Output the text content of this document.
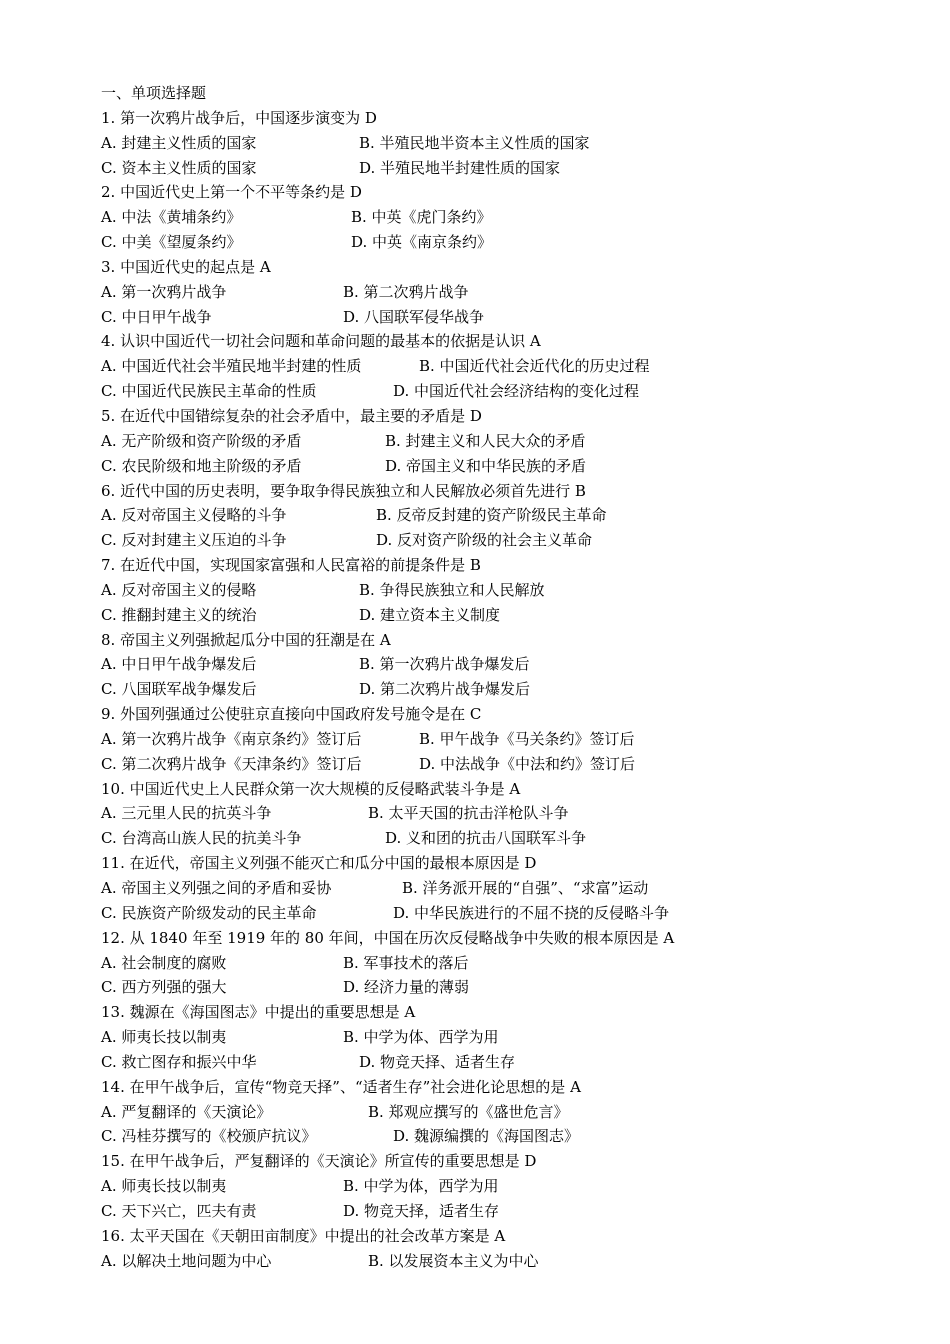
一、单项选择题
1. 第一次鸦片战争后，中国逐步演变为 D
A. 封建主义性质的国家	B. 半殖民地半资本主义性质的国家
C. 资本主义性质的国家	D. 半殖民地半封建性质的国家
2. 中国近代史上第一个不平等条约是 D
A. 中法《黄埔条约》	B. 中英《虎门条约》
C. 中美《望厦条约》	D. 中英《南京条约》
3. 中国近代史的起点是 A
A. 第一次鸦片战争	B. 第二次鸦片战争
C. 中日甲午战争	D. 八国联军侵华战争
4. 认识中国近代一切社会问题和革命问题的最基本的依据是认识 A
A. 中国近代社会半殖民地半封建的性质	B. 中国近代社会近代化的历史过程
C. 中国近代民族民主革命的性质	D. 中国近代社会经济结构的变化过程
5. 在近代中国错综复杂的社会矛盾中，最主要的矛盾是 D
A. 无产阶级和资产阶级的矛盾	B. 封建主义和人民大众的矛盾
C. 农民阶级和地主阶级的矛盾	D. 帝国主义和中华民族的矛盾
6. 近代中国的历史表明，要争取争得民族独立和人民解放必须首先进行 B
A. 反对帝国主义侵略的斗争	B. 反帝反封建的资产阶级民主革命
C. 反对封建主义压迫的斗争	D. 反对资产阶级的社会主义革命
7. 在近代中国，实现国家富强和人民富裕的前提条件是 B
A. 反对帝国主义的侵略	B. 争得民族独立和人民解放
C. 推翻封建主义的统治	D. 建立资本主义制度
8. 帝国主义列强掀起瓜分中国的狂潮是在 A
A. 中日甲午战争爆发后	B. 第一次鸦片战争爆发后
C. 八国联军战争爆发后	D. 第二次鸦片战争爆发后
9. 外国列强通过公使驻京直接向中国政府发号施令是在 C
A. 第一次鸦片战争《南京条约》签订后	B. 甲午战争《马关条约》签订后
C. 第二次鸦片战争《天津条约》签订后	D. 中法战争《中法和约》签订后
10. 中国近代史上人民群众第一次大规模的反侵略武装斗争是 A
A. 三元里人民的抗英斗争	B. 太平天国的抗击洋枪队斗争
C. 台湾高山族人民的抗美斗争	D. 义和团的抗击八国联军斗争
11. 在近代，帝国主义列强不能灭亡和瓜分中国的最根本原因是 D
A. 帝国主义列强之间的矛盾和妥协	B. 洋务派开展的“自强”、“求富”运动
C. 民族资产阶级发动的民主革命	D. 中华民族进行的不屈不挠的反侵略斗争
12. 从 1840 年至 1919 年的 80 年间，中国在历次反侵略战争中失败的根本原因是 A
A. 社会制度的腐败	B. 军事技术的落后
C. 西方列强的强大	D. 经济力量的薄弱
13. 魏源在《海国图志》中提出的重要思想是 A
A. 师夷长技以制夷	B. 中学为体、西学为用
C. 救亡图存和振兴中华	D. 物竞天择、适者生存
14. 在甲午战争后，宣传“物竞天择”、“适者生存”社会进化论思想的是 A
A. 严复翻译的《天演论》	B. 郑观应撰写的《盛世危言》
C. 冯桂芬撰写的《校颁庐抗议》	D. 魏源编撰的《海国图志》
15. 在甲午战争后，严复翻译的《天演论》所宣传的重要思想是 D
A. 师夷长技以制夷	B. 中学为体，西学为用
C. 天下兴亡，匹夫有责	D. 物竞天择，适者生存
16. 太平天国在《天朝田亩制度》中提出的社会改革方案是 A
A. 以解决土地问题为中心	B. 以发展资本主义为中心
